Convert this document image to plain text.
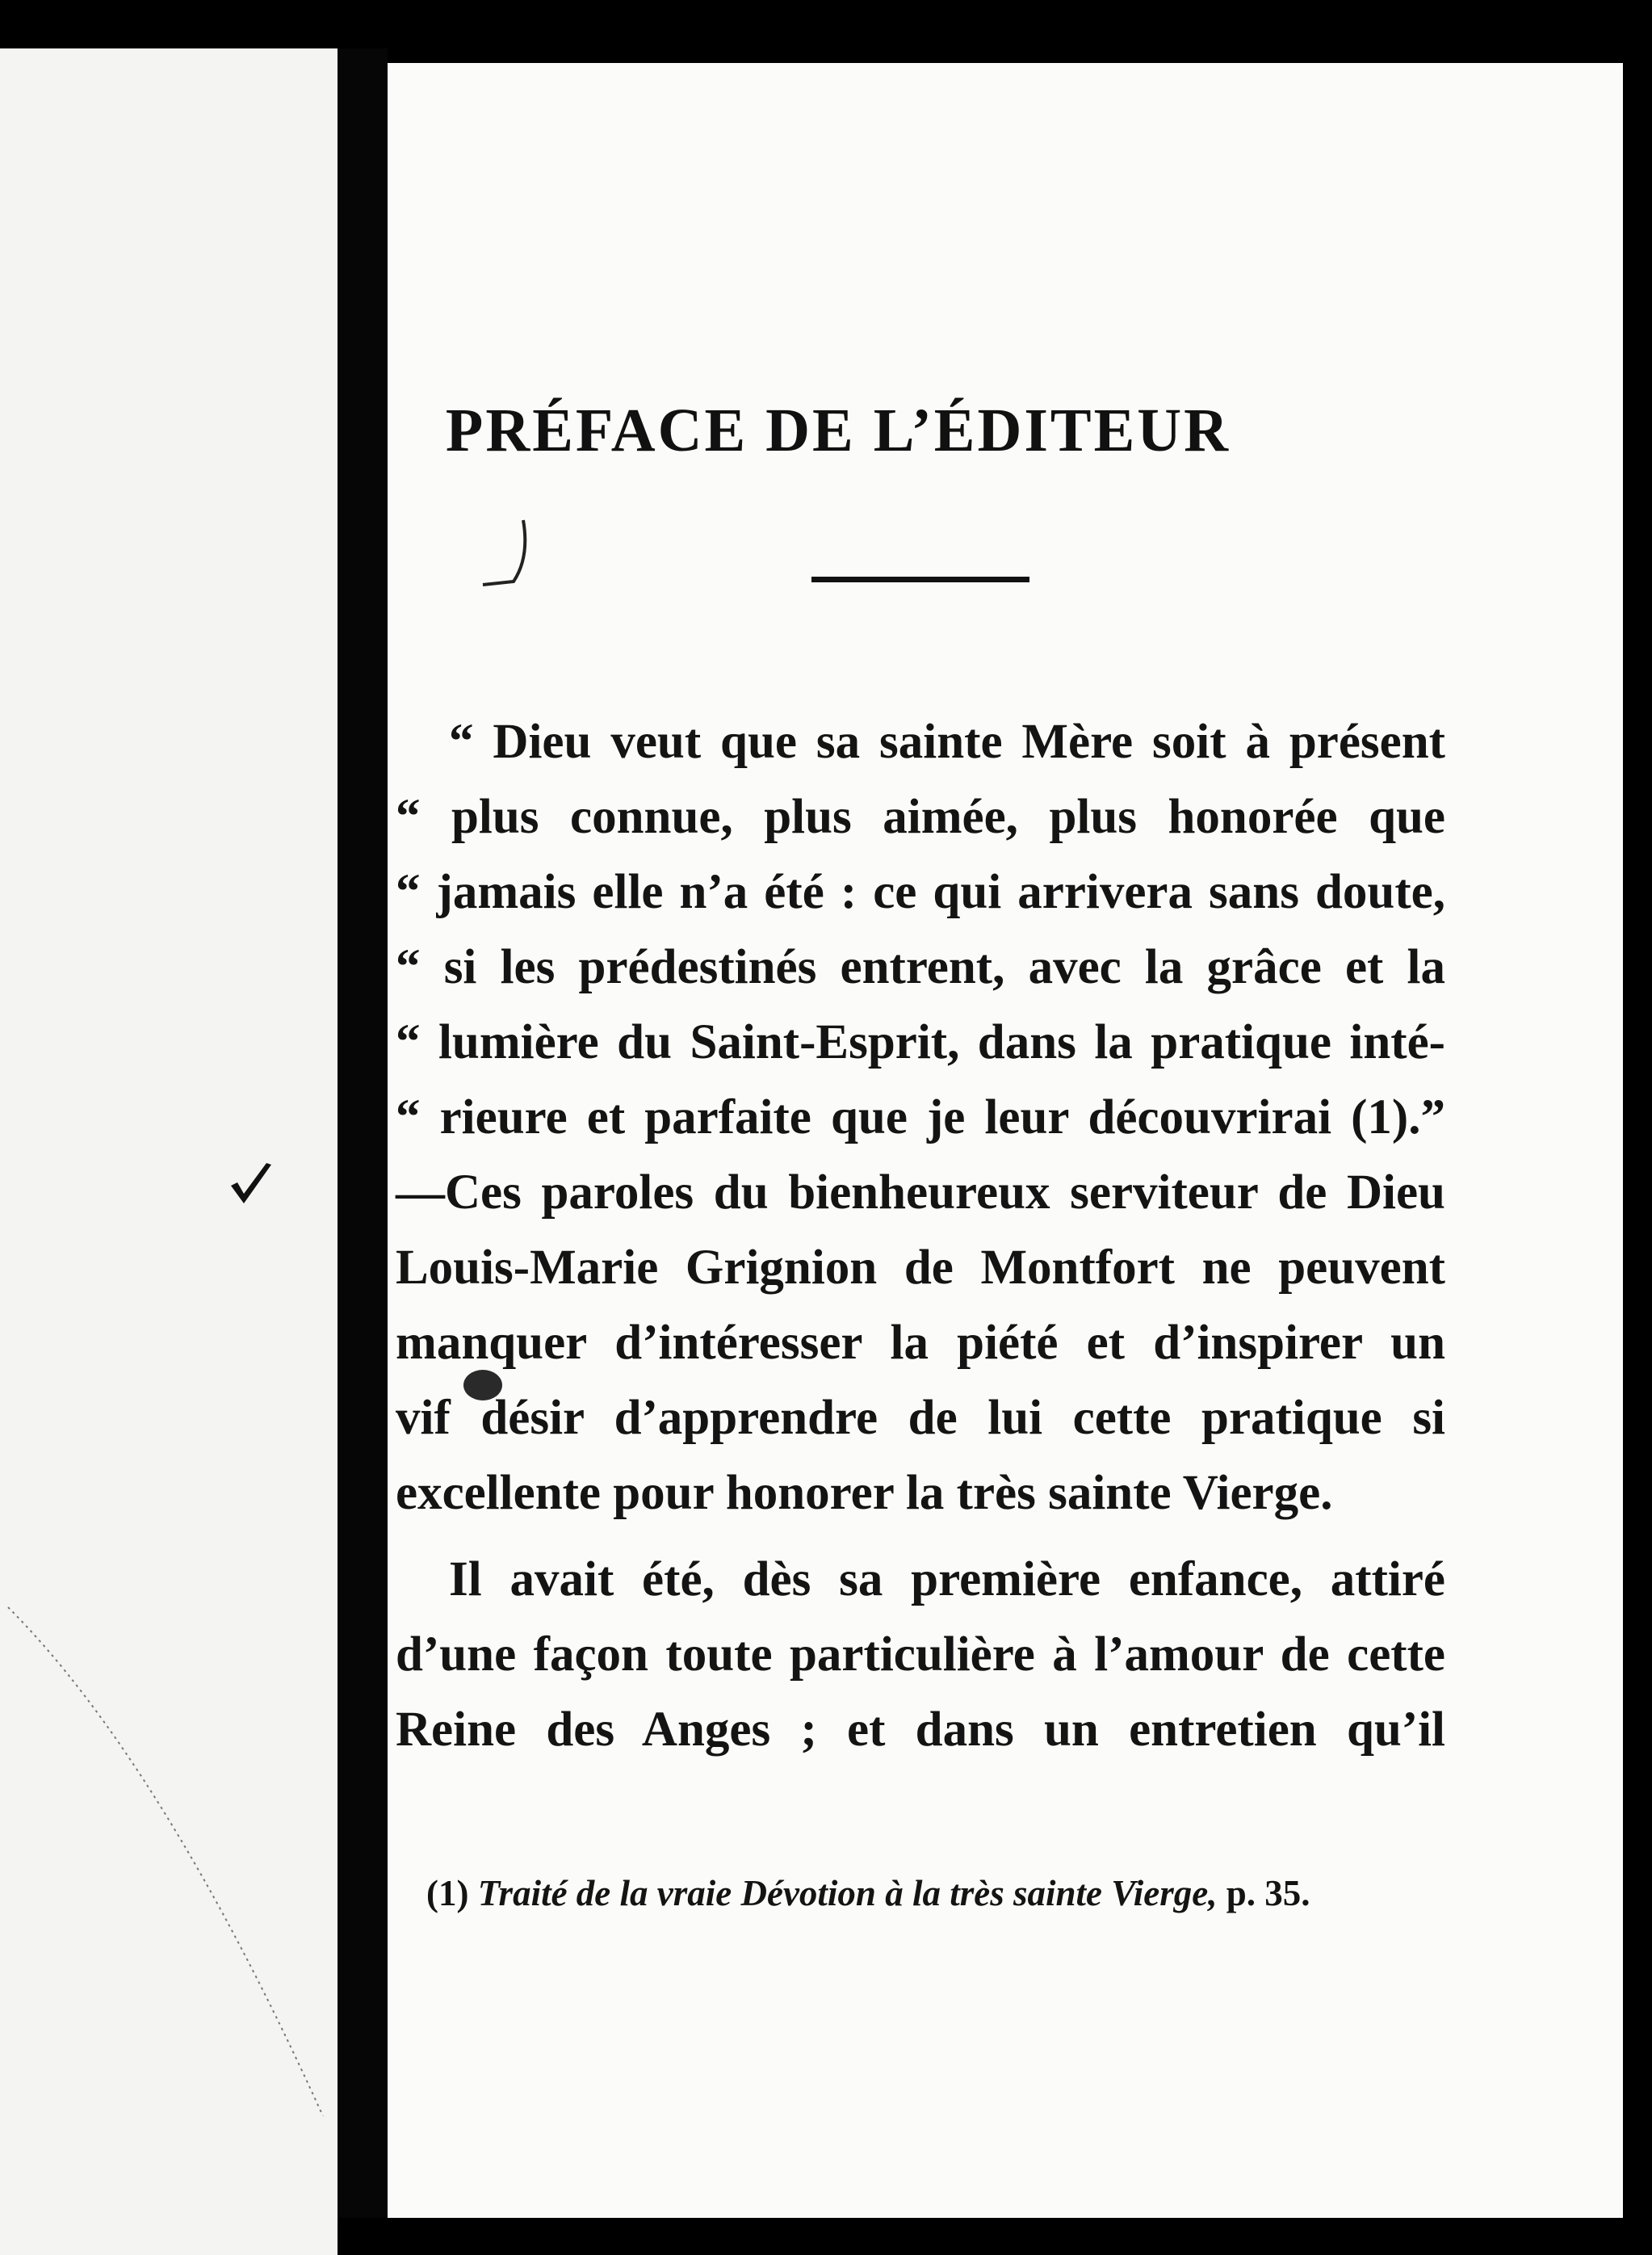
PRÉFACE DE L’ÉDITEUR
“ Dieu veut que sa sainte Mère soit à présent
“ plus connue, plus aimée, plus honorée que
“ jamais elle n’a été : ce qui arrivera sans doute,
“ si les prédestinés entrent, avec la grâce et la
“ lumière du Saint-Esprit, dans la pratique inté-
“ rieure et parfaite que je leur découvrirai (1).”
—Ces paroles du bienheureux serviteur de Dieu
Louis-Marie Grignion de Montfort ne peuvent
manquer d’intéresser la piété et d’inspirer un
vif désir d’apprendre de lui cette pratique si
excellente pour honorer la très sainte Vierge.
Il avait été, dès sa première enfance, attiré
d’une façon toute particulière à l’amour de cette
Reine des Anges ; et dans un entretien qu’il
(1) Traité de la vraie Dévotion à la très sainte Vierge, p. 35.
